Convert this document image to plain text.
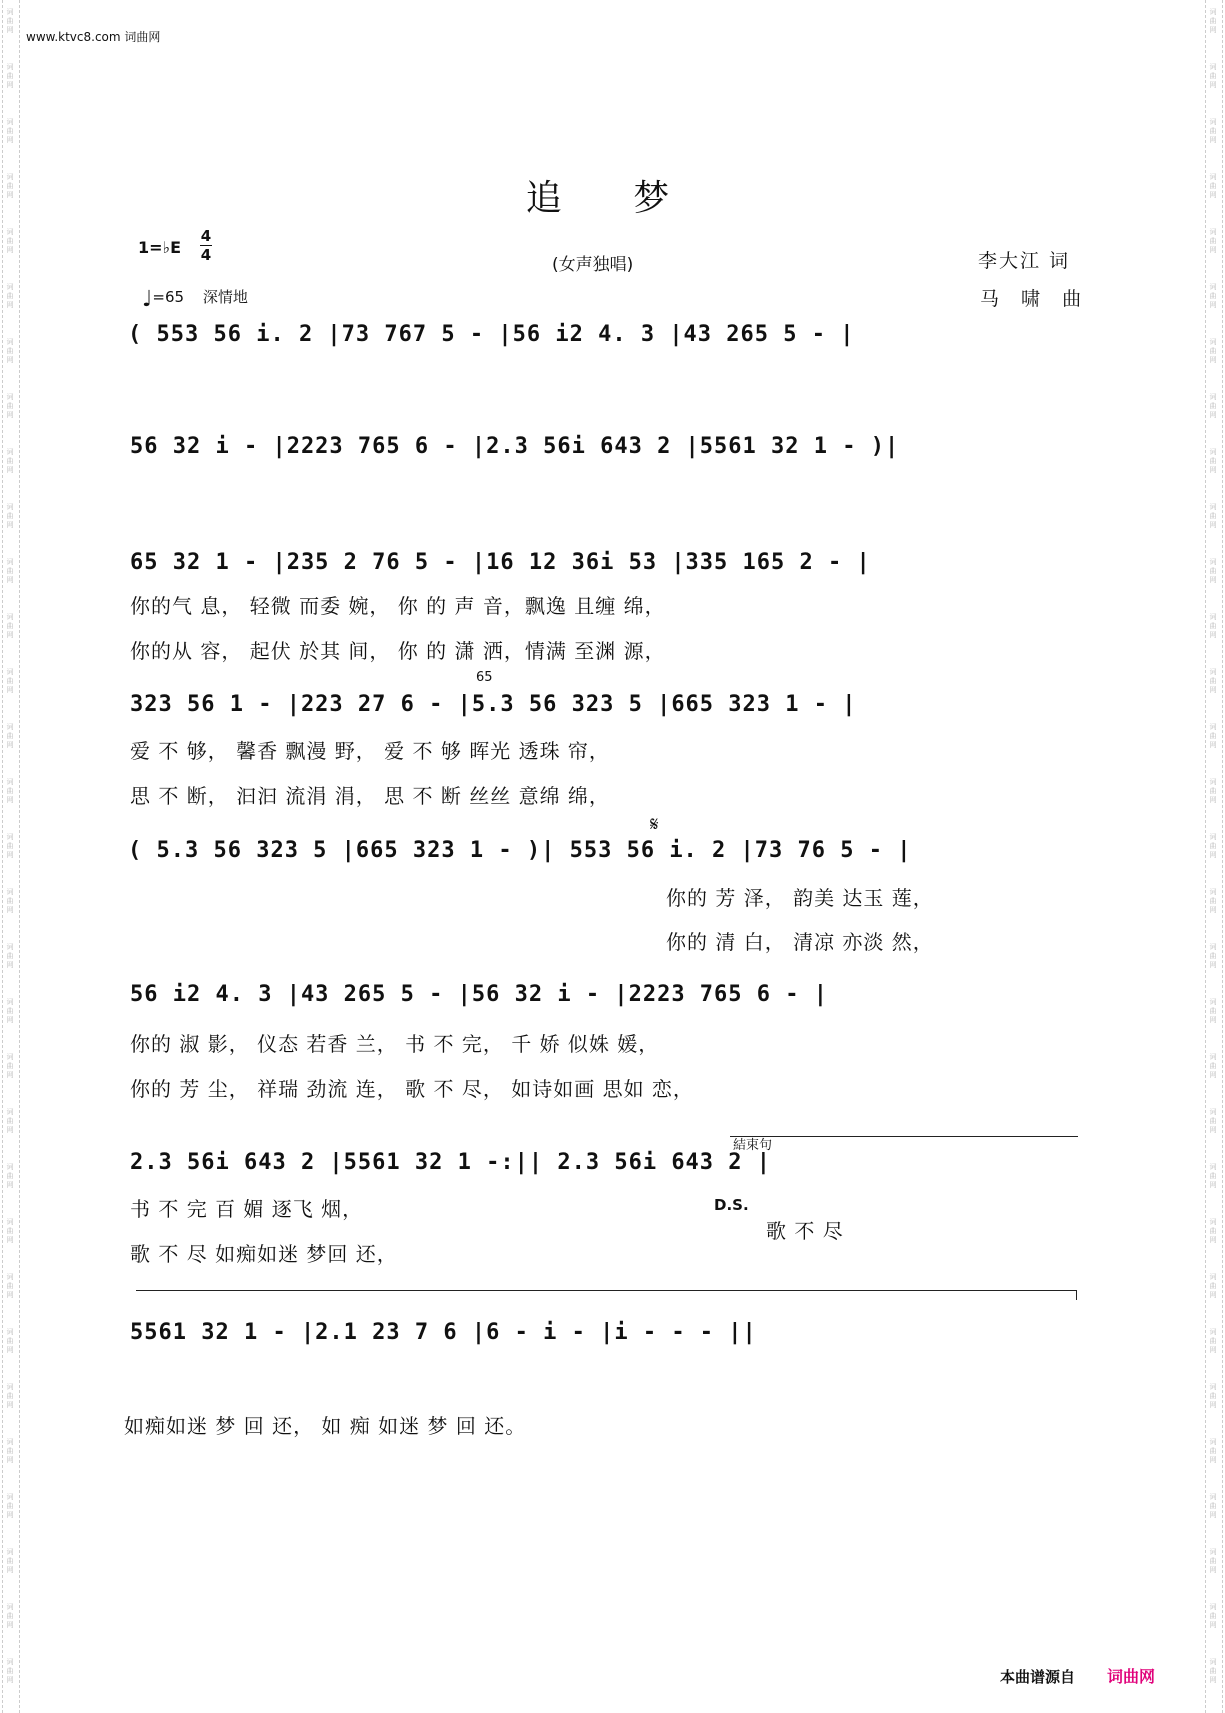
词
曲
网
词
曲
网
词
曲
网
词
曲
网
词
曲
网
词
曲
网
词
曲
网
词
曲
网
词
曲
网
词
曲
网
词
曲
网
词
曲
网
词
曲
网
词
曲
网
词
曲
网
词
曲
网
词
曲
网
词
曲
网
词
曲
网
词
曲
网
词
曲
网
词
曲
网
词
曲
网
词
曲
网
词
曲
网
词
曲
网
词
曲
网
词
曲
网
词
曲
网
词
曲
网
词
曲
网
词
曲
网
词
曲
网
词
曲
网
词
曲
网
词
曲
网
词
曲
网
词
曲
网
词
曲
网
词
曲
网
词
曲
网
词
曲
网
词
曲
网
词
曲
网
词
曲
网
词
曲
网
词
曲
网
词
曲
网
词
曲
网
词
曲
网
词
曲
网
词
曲
网
词
曲
网
词
曲
网
词
曲
网
词
曲
网
词
曲
网
词
曲
网
词
曲
网
词
曲
网
词
曲
网
词
曲
网
www.ktvc8.com 词曲网
追 梦
1=♭E
4
4	(女声独唱)	李大江 词
马 啸 曲
♩=65 深情地
( 553 56 i. 2 |73 767 5 - |56 i2 4. 3 |43 265 5 - |
56 32 i - |2223 765 6 - |2.3 56i 643 2 |5561 32 1 - )|
65 32 1 - |235 2 76 5 - |16 12 36i 53 |335 165 2 - |
你的气 息， 轻微 而委 婉， 你 的 声 音，飘逸 且缠 绵，
你的从 容， 起伏 於其 间， 你 的 潇 洒，情满 至渊 源，
65
323 56 1 - |223 27 6 - |5.3 56 323 5 |665 323 1 - |
爱 不 够， 馨香 飘漫 野， 爱 不 够 晖光 透珠 帘，
思 不 断， 汩汩 流涓 涓， 思 不 断 丝丝 意绵 绵，
𝄋
( 5.3 56 323 5 |665 323 1 - )| 553 56 i. 2 |73 76 5 - |
你的 芳 泽， 韵美 达玉 莲，
你的 清 白， 清凉 亦淡 然，
56 i2 4. 3 |43 265 5 - |56 32 i - |2223 765 6 - |
你的 淑 影， 仪态 若香 兰， 书 不 完， 千 娇 似姝 媛，
你的 芳 尘， 祥瑞 劲流 连， 歌 不 尽， 如诗如画 思如 恋，
結束句
2.3 56i 643 2 |5561 32 1 -:|| 2.3 56i 643 2 |
书 不 完 百 媚 逐飞 烟，
歌 不 尽 如痴如迷 梦回 还，
D.S.
歌 不 尽
5561 32 1 - |2.1 23 7 6 |6 - i - |i - - - ||
如痴如迷 梦 回 还， 如 痴 如迷 梦 回 还。
本曲谱源自 词曲网
